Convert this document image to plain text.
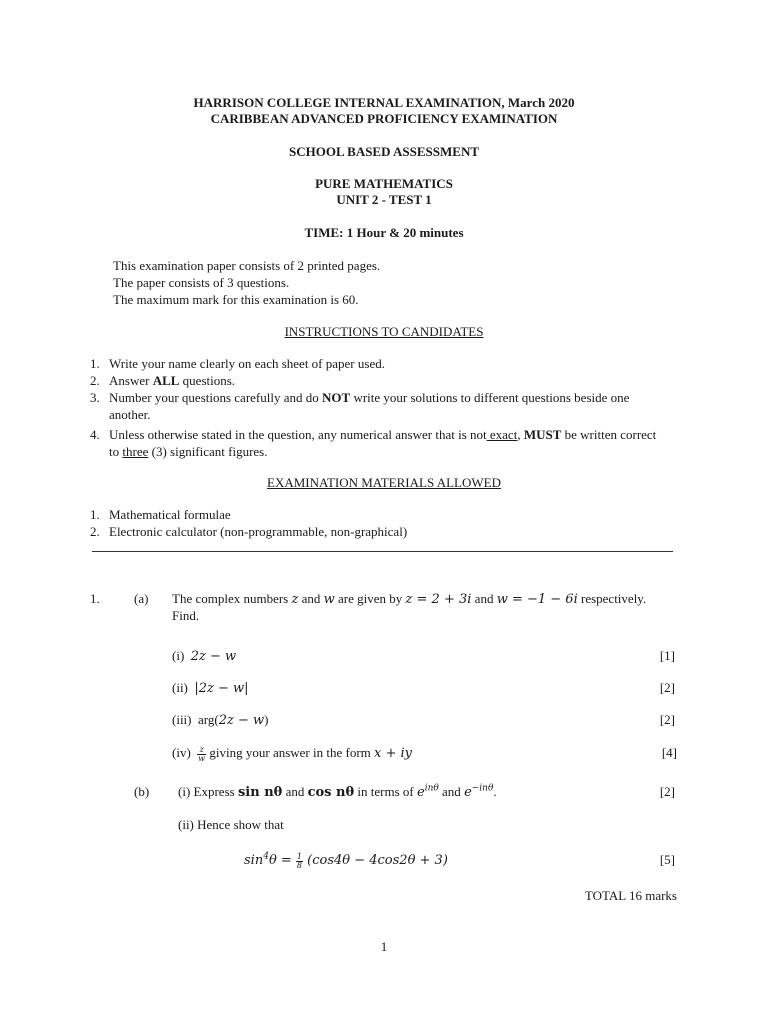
HARRISON COLLEGE INTERNAL EXAMINATION, March 2020
CARIBBEAN ADVANCED PROFICIENCY EXAMINATION
SCHOOL BASED ASSESSMENT
PURE MATHEMATICS
UNIT 2 - TEST 1
TIME: 1 Hour & 20 minutes
This examination paper consists of 2 printed pages.
The paper consists of 3 questions.
The maximum mark for this examination is 60.
INSTRUCTIONS TO CANDIDATES
1. Write your name clearly on each sheet of paper used.
2. Answer ALL questions.
3. Number your questions carefully and do NOT write your solutions to different questions beside one another.
4. Unless otherwise stated in the question, any numerical answer that is not exact, MUST be written correct to three (3) significant figures.
EXAMINATION MATERIALS ALLOWED
1. Mathematical formulae
2. Electronic calculator (non-programmable, non-graphical)
1.	(a) The complex numbers z and w are given by z = 2 + 3i and w = −1 − 6i respectively.
Find.
(i) 2z − w	[1]
(ii) |2z − w|	[2]
(iii) arg(2z − w)	[2]
$(iv) \frac{z}{w}$ giving your answer in the form x + iy	[4]
(b) (i) Express sin nθ and cos nθ in terms of $e^{in\theta}$ and $e^{-in\theta}$.	[2]
(ii) Hence show that
$\sin^4\theta = \frac{1}{8} (\cos 4\theta - 4\cos 2\theta + 3)$	[5]
TOTAL 16 marks
1
